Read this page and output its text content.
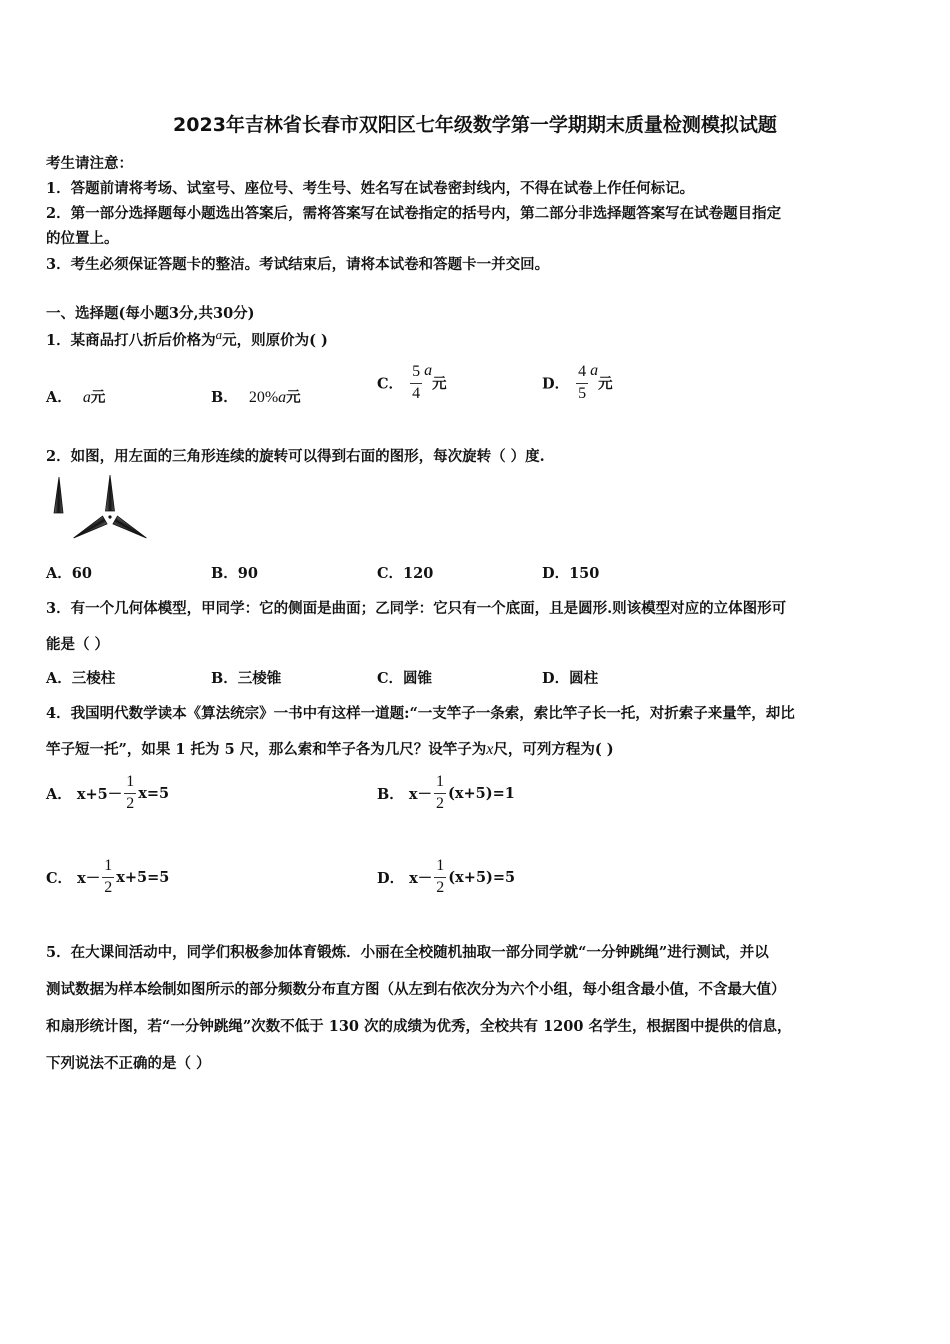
2023年吉林省长春市双阳区七年级数学第一学期期末质量检测模拟试题
考生请注意：
1．答题前请将考场、试室号、座位号、考生号、姓名写在试卷密封线内，不得在试卷上作任何标记。
2．第一部分选择题每小题选出答案后，需将答案写在试卷指定的括号内，第二部分非选择题答案写在试卷题目指定
的位置上。
3．考生必须保证答题卡的整洁。考试结束后，请将本试卷和答题卡一并交回。
一、选择题(每小题3分,共30分)
1．某商品打八折后价格为$^a$元，则原价为( )
A． a元	B． 20%a元
C． $\frac{5}{4}$ a元	D． $\frac{4}{5}$ a元
2．如图，用左面的三角形连续的旋转可以得到右面的图形，每次旋转（ ）度.
A．60	B．90	C．120	D．150
3．有一个几何体模型，甲同学：它的侧面是曲面；乙同学：它只有一个底面，且是圆形.则该模型对应的立体图形可
能是（ ）
A．三棱柱	B．三棱锥	C．圆锥	D．圆柱
4．我国明代数学读本《算法统宗》一书中有这样一道题:“一支竿子一条索，索比竿子长一托，对折索子来量竿，却比
竿子短一托”，如果 1 托为 5 尺，那么索和竿子各为几尺？设竿子为x尺，可列方程为( )
A． $x+5- \frac{1}{2} x=5$	B． $x- \frac{1}{2} (x+5)=1$
C． $x- \frac{1}{2} x+5=5$	D． $x- \frac{1}{2} (x+5)=5$
5．在大课间活动中，同学们积极参加体育锻炼．小丽在全校随机抽取一部分同学就“一分钟跳绳”进行测试，并以
测试数据为样本绘制如图所示的部分频数分布直方图（从左到右依次分为六个小组，每小组含最小值，不含最大值）
和扇形统计图，若“一分钟跳绳”次数不低于 130 次的成绩为优秀，全校共有 1200 名学生，根据图中提供的信息，
下列说法不正确的是（ ）
